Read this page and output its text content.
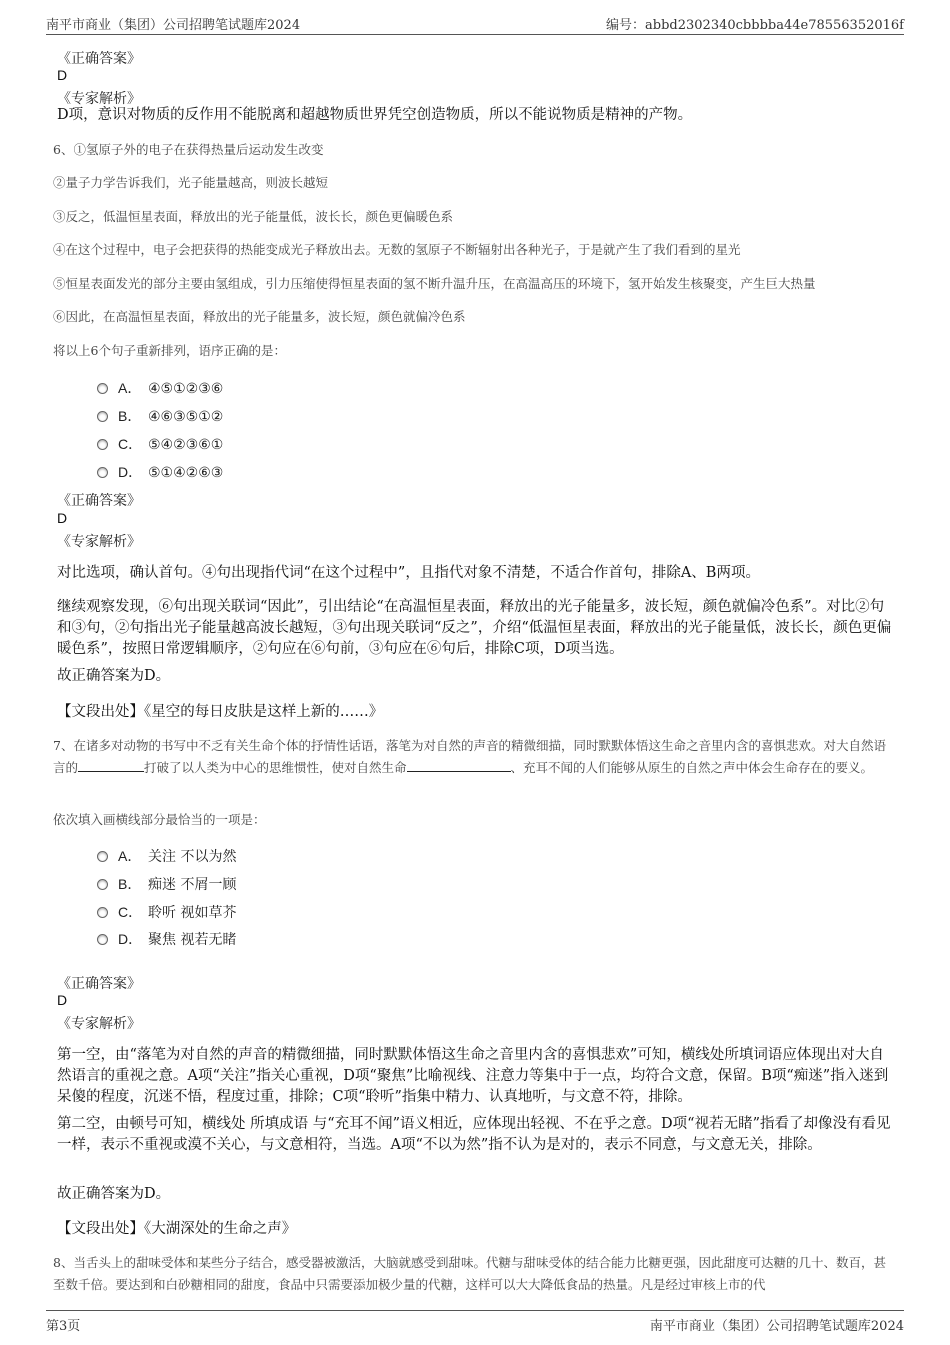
南平市商业（集团）公司招聘笔试题库2024	编号：abbd2302340cbbbba44e78556352016f
《正确答案》
D
《专家解析》
D项，意识对物质的反作用不能脱离和超越物质世界凭空创造物质，所以不能说物质是精神的产物。
6、①氢原子外的电子在获得热量后运动发生改变
②量子力学告诉我们，光子能量越高，则波长越短
③反之，低温恒星表面，释放出的光子能量低，波长长，颜色更偏暖色系
④在这个过程中，电子会把获得的热能变成光子释放出去。无数的氢原子不断辐射出各种光子，于是就产生了我们看到的星光
⑤恒星表面发光的部分主要由氢组成，引力压缩使得恒星表面的氢不断升温升压，在高温高压的环境下，氢开始发生核聚变，产生巨大热量
⑥因此，在高温恒星表面，释放出的光子能量多，波长短，颜色就偏冷色系
将以上6个句子重新排列，语序正确的是：
A． ④⑤①②③⑥
B． ④⑥③⑤①②
C． ⑤④②③⑥①
D． ⑤①④②⑥③
《正确答案》
D
《专家解析》
对比选项，确认首句。④句出现指代词“在这个过程中”，且指代对象不清楚，不适合作首句，排除A、B两项。
继续观察发现，⑥句出现关联词“因此”，引出结论“在高温恒星表面，释放出的光子能量多，波长短，颜色就偏冷色系”。对比②句和③句，②句指出光子能量越高波长越短，③句出现关联词“反之”，介绍“低温恒星表面，释放出的光子能量低，波长长，颜色更偏暖色系”，按照日常逻辑顺序，②句应在⑥句前，③句应在⑥句后，排除C项，D项当选。
故正确答案为D。
【文段出处】《星空的每日皮肤是这样上新的……》
7、在诸多对动物的书写中不乏有关生命个体的抒情性话语，落笔为对自然的声音的精微细描，同时默默体悟这生命之音里内含的喜惧悲欢。对大自然语言的	打破了以人类为中心的思维惯性，使对自然生命	、充耳不闻的人们能够从原生的自然之声中体会生命存在的要义。
依次填入画横线部分最恰当的一项是：
A． 关注 不以为然
B． 痴迷 不屑一顾
C． 聆听 视如草芥
D． 聚焦 视若无睹
《正确答案》
D
《专家解析》
第一空，由“落笔为对自然的声音的精微细描，同时默默体悟这生命之音里内含的喜惧悲欢”可知，横线处所填词语应体现出对大自然语言的重视之意。A项“关注”指关心重视，D项“聚焦”比喻视线、注意力等集中于一点，均符合文意，保留。B项“痴迷”指入迷到呆傻的程度，沉迷不悟，程度过重，排除；C项“聆听”指集中精力、认真地听，与文意不符，排除。
第二空，由顿号可知，横线处 所填成语 与“充耳不闻”语义相近，应体现出轻视、不在乎之意。D项“视若无睹”指看了却像没有看见一样，表示不重视或漠不关心，与文意相符，当选。A项“不以为然”指不认为是对的，表示不同意，与文意无关，排除。
故正确答案为D。
【文段出处】《大湖深处的生命之声》
8、当舌头上的甜味受体和某些分子结合，感受器被激活，大脑就感受到甜味。代糖与甜味受体的结合能力比糖更强，因此甜度可达糖的几十、数百，甚至数千倍。要达到和白砂糖相同的甜度，食品中只需要添加极少量的代糖，这样可以大大降低食品的热量。凡是经过审核上市的代
第3页	南平市商业（集团）公司招聘笔试题库2024
